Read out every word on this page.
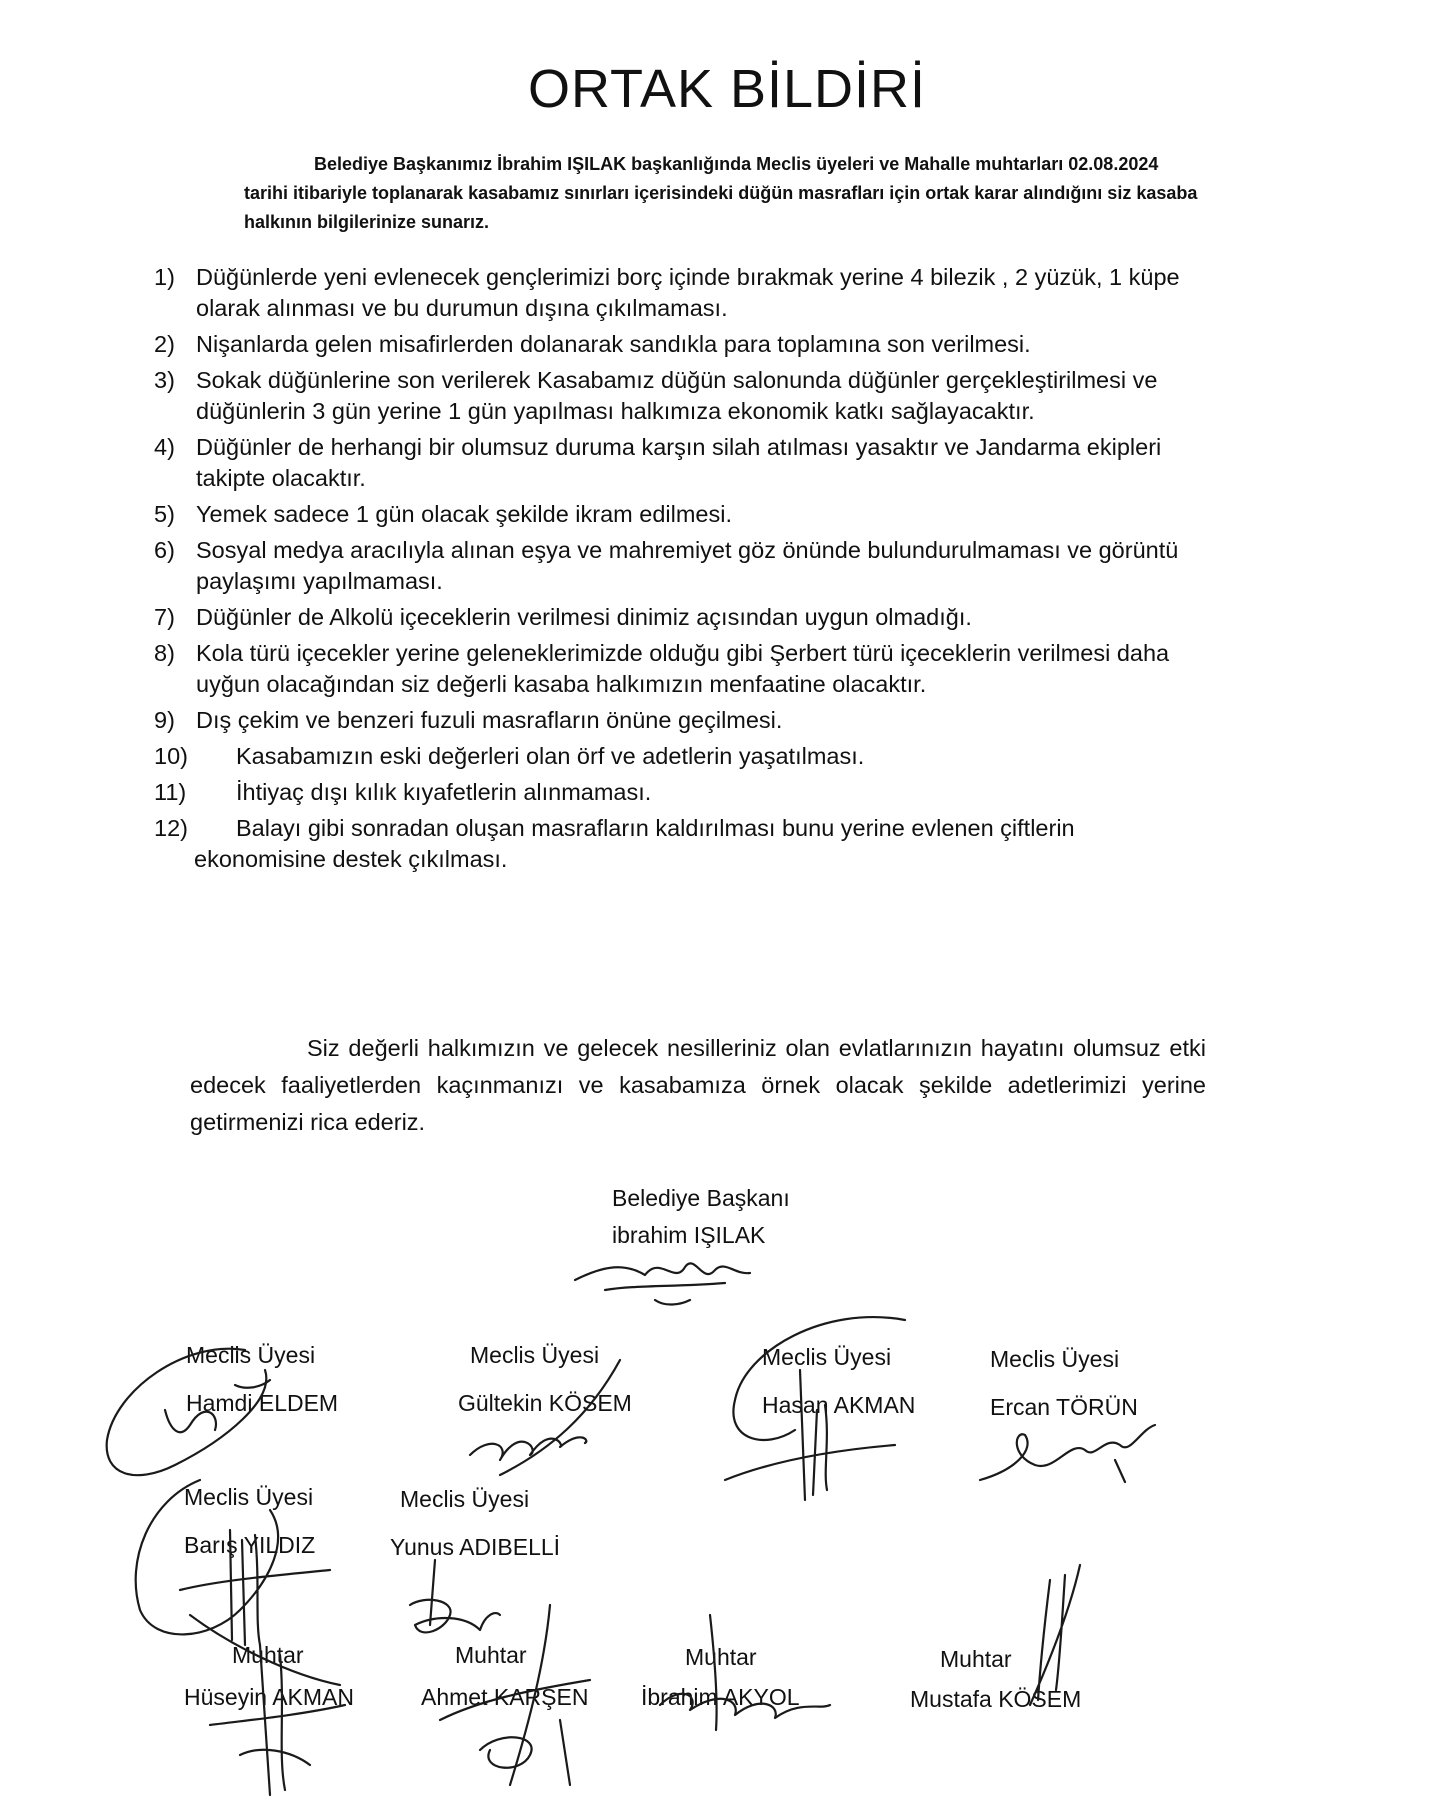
ORTAK BİLDİRİ

Belediye Başkanımız İbrahim IŞILAK başkanlığında Meclis üyeleri ve Mahalle muhtarları 02.08.2024 tarihi itibariyle toplanarak kasabamız sınırları içerisindeki düğün masrafları için ortak karar alındığını siz kasaba halkının bilgilerinize sunarız.

1) Düğünlerde yeni evlenecek gençlerimizi borç içinde bırakmak yerine 4 bilezik , 2 yüzük, 1 küpe olarak alınması ve bu durumun dışına çıkılmaması.
2) Nişanlarda gelen misafirlerden dolanarak sandıkla para toplamına son verilmesi.
3) Sokak düğünlerine son verilerek Kasabamız düğün salonunda düğünler gerçekleştirilmesi ve düğünlerin 3 gün yerine 1 gün yapılması halkımıza ekonomik katkı sağlayacaktır.
4) Düğünler de herhangi bir olumsuz duruma karşın silah atılması yasaktır ve Jandarma ekipleri takipte olacaktır.
5) Yemek sadece 1 gün olacak şekilde ikram edilmesi.
6) Sosyal medya aracılıyla alınan eşya ve mahremiyet göz önünde bulundurulmaması ve görüntü paylaşımı yapılmaması.
7) Düğünler de Alkolü içeceklerin verilmesi dinimiz açısından uygun olmadığı.
8) Kola türü içecekler yerine geleneklerimizde olduğu gibi Şerbert türü içeceklerin verilmesi daha uyğun olacağından siz değerli kasaba halkımızın menfaatine olacaktır.
9) Dış çekim ve benzeri fuzuli masrafların önüne geçilmesi.
10) Kasabamızın eski değerleri olan örf ve adetlerin yaşatılması.
11) İhtiyaç dışı kılık kıyafetlerin alınmaması.
12) Balayı gibi sonradan oluşan masrafların kaldırılması bunu yerine evlenen çiftlerin
ekonomisine destek çıkılması.

Siz değerli halkımızın ve gelecek nesilleriniz olan evlatlarınızın hayatını olumsuz etki edecek faaliyetlerden kaçınmanızı ve kasabamıza örnek olacak şekilde adetlerimizi yerine getirmenizi rica ederiz.

Belediye Başkanı
ibrahim IŞILAK
Meclis Üyesi
Hamdi ELDEM
Meclis Üyesi
Gültekin KÖSEM
Meclis Üyesi
Hasan AKMAN
Meclis Üyesi
Ercan TÖRÜN
Meclis Üyesi
Barış YILDIZ
Meclis Üyesi
Yunus ADIBELLİ
Muhtar
Hüseyin AKMAN
Muhtar
Ahmet KARŞEN
Muhtar
İbrahim AKYOL
Muhtar
Mustafa KÖSEM
